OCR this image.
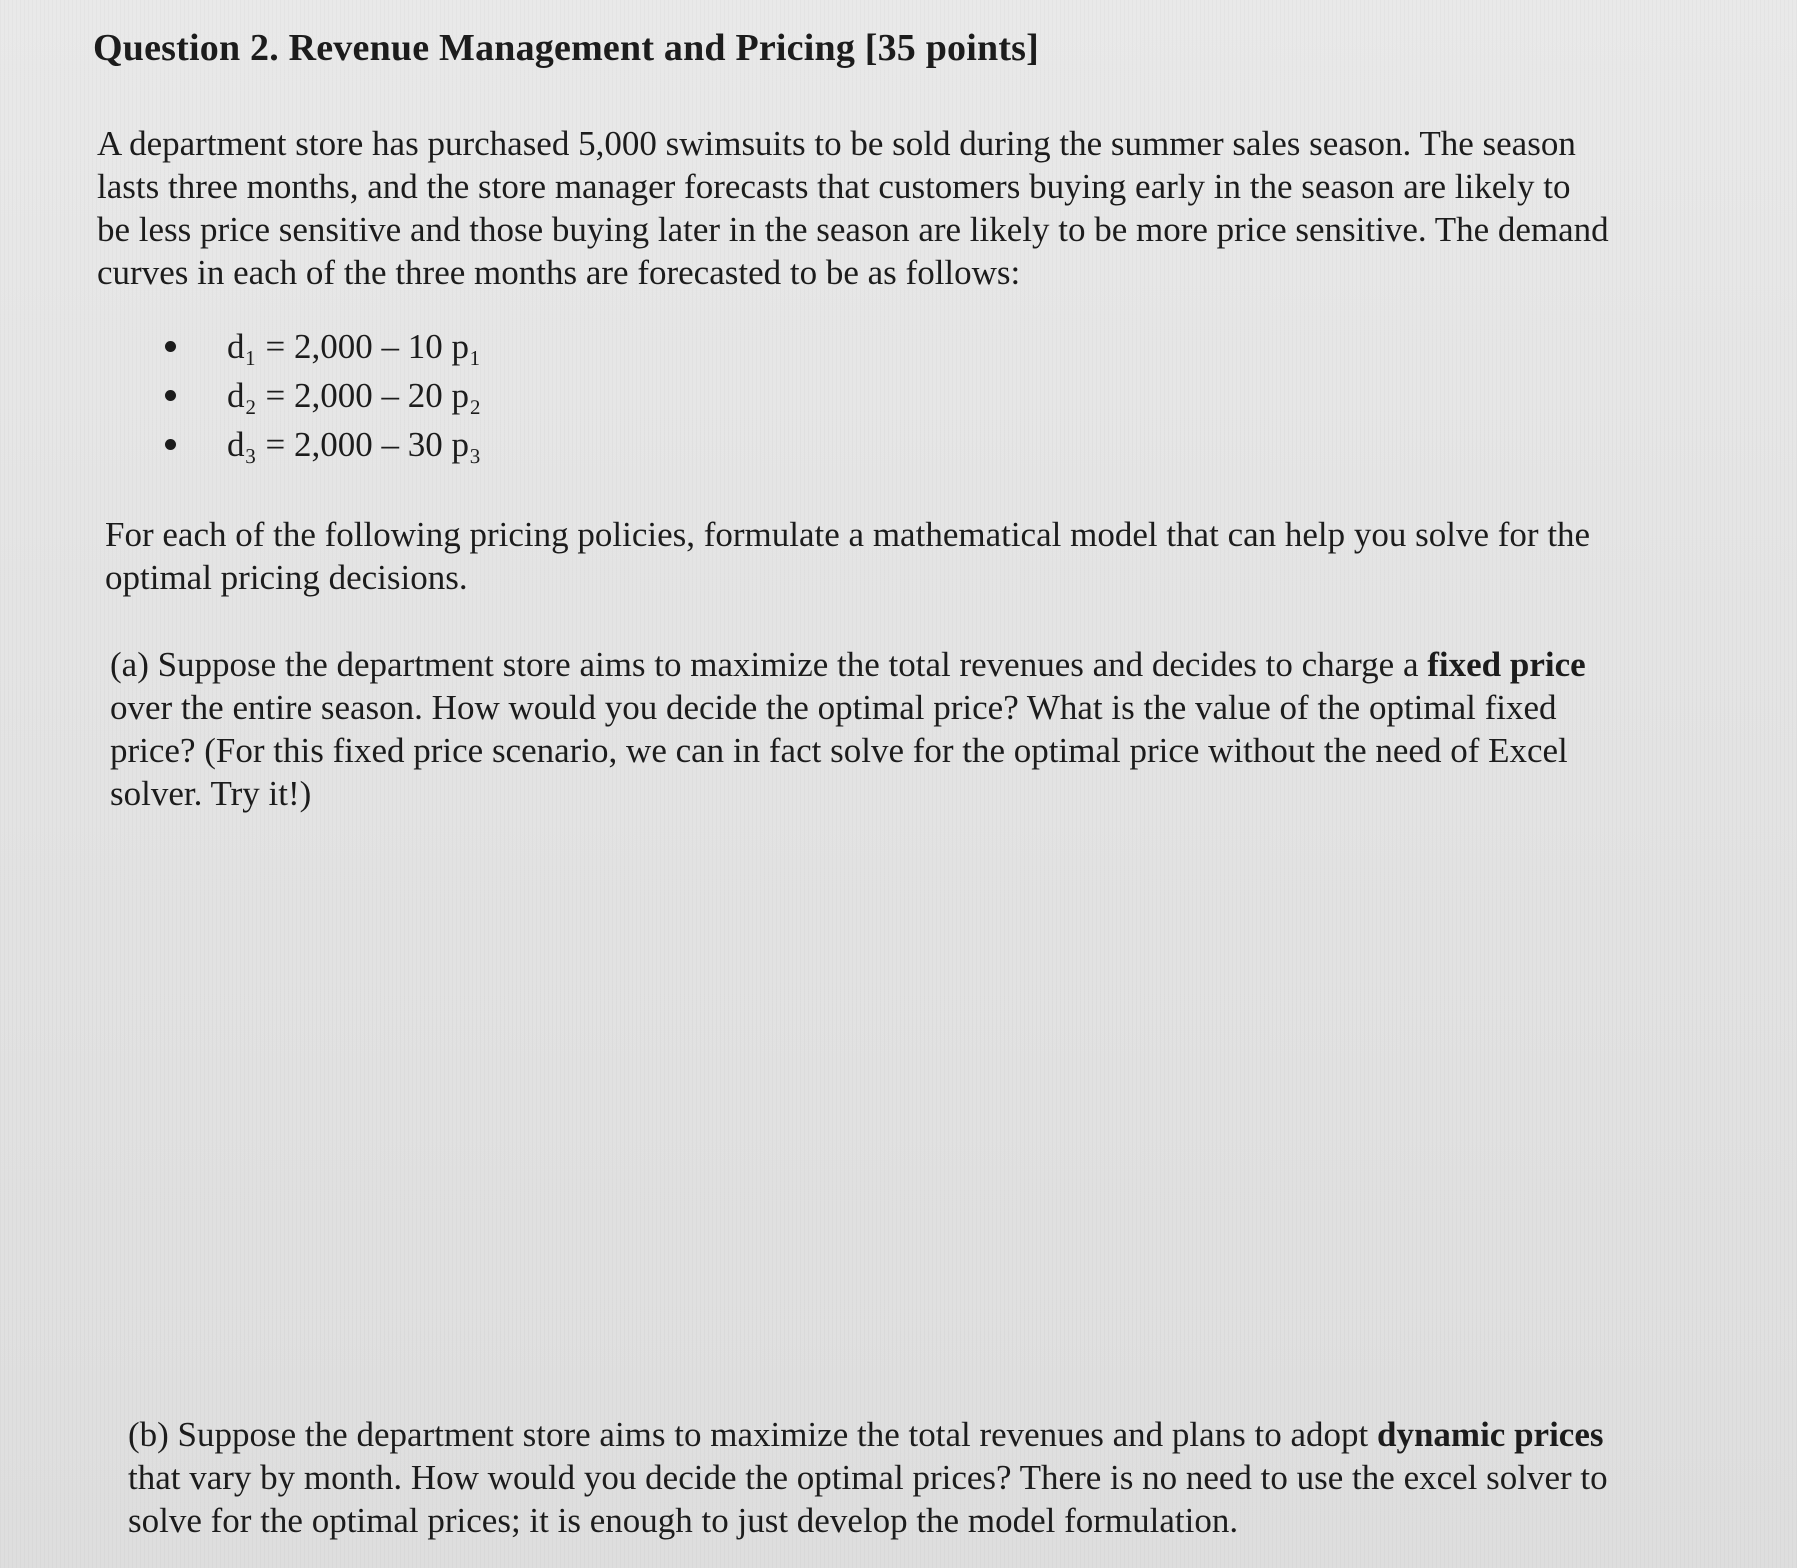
Question 2. Revenue Management and Pricing [35 points]

A department store has purchased 5,000 swimsuits to be sold during the summer sales season. The season
lasts three months, and the store manager forecasts that customers buying early in the season are likely to
be less price sensitive and those buying later in the season are likely to be more price sensitive. The demand
curves in each of the three months are forecasted to be as follows:

d₁ = 2,000 – 10 p₁
d₂ = 2,000 – 20 p₂
d₃ = 2,000 – 30 p₃

For each of the following pricing policies, formulate a mathematical model that can help you solve for the
optimal pricing decisions.

(a) Suppose the department store aims to maximize the total revenues and decides to charge a fixed price
over the entire season. How would you decide the optimal price? What is the value of the optimal fixed
price? (For this fixed price scenario, we can in fact solve for the optimal price without the need of Excel
solver. Try it!)

(b) Suppose the department store aims to maximize the total revenues and plans to adopt dynamic prices
that vary by month. How would you decide the optimal prices? There is no need to use the excel solver to
solve for the optimal prices; it is enough to just develop the model formulation.
